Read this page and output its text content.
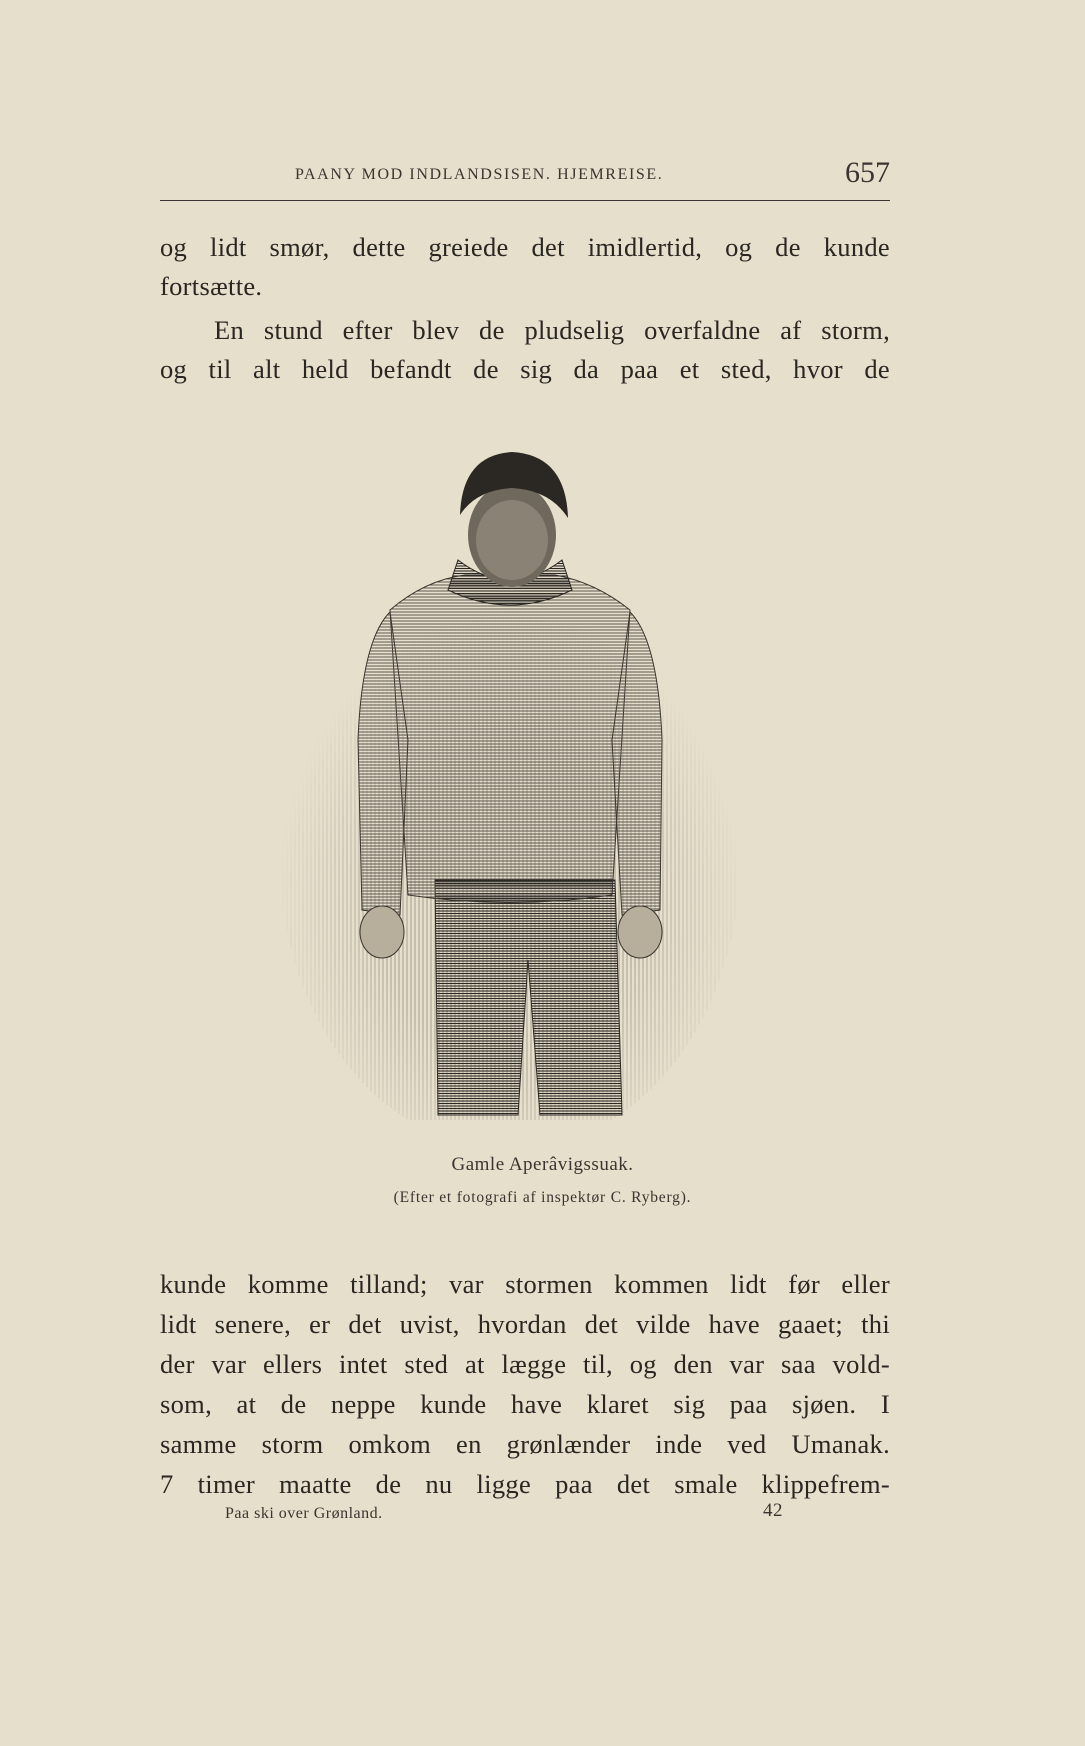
PAANY MOD INDLANDSISEN. HJEMREISE.	657

og lidt smør, dette greiede det imidlertid, og de kunde

fortsætte.

En stund efter blev de pludselig overfaldne af storm,

og til alt held befandt de sig da paa et sted, hvor de

Gamle Aperâvigssuak.
(Efter et fotografi af inspektør C. Ryberg).

kunde komme tilland; var stormen kommen lidt før eller

lidt senere, er det uvist, hvordan det vilde have gaaet; thi

der var ellers intet sted at lægge til, og den var saa vold-

som, at de neppe kunde have klaret sig paa sjøen. I

samme storm omkom en grønlænder inde ved Umanak.

7 timer maatte de nu ligge paa det smale klippefrem-

Paa ski over Grønland.	42
